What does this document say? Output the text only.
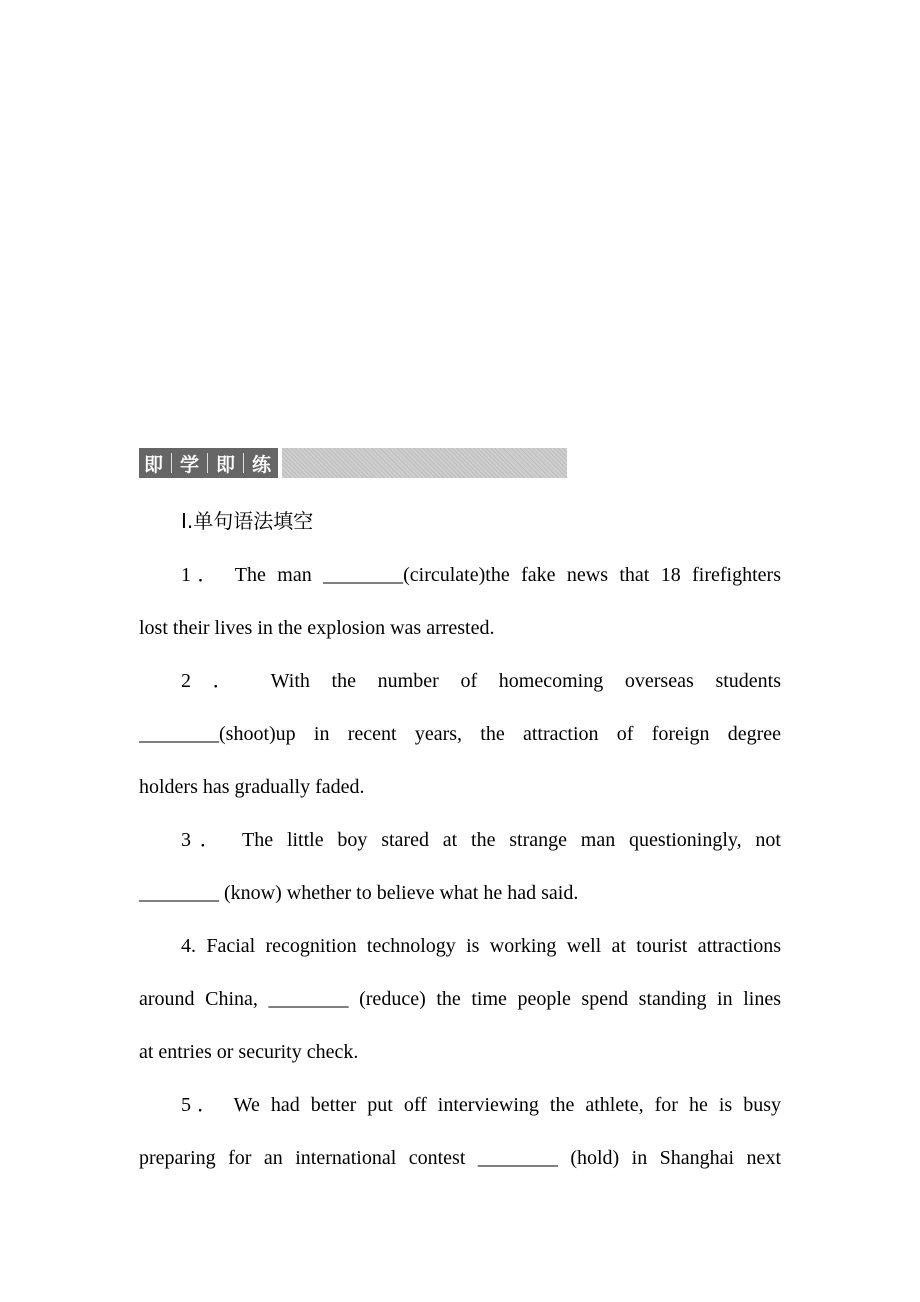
即 学 即 练
Ⅰ.单句语法填空
1． The man ________(circulate)the fake news that 18 firefighters
lost their lives in the explosion was arrested.
2 ． With the number of homecoming overseas students
________(shoot)up in recent years, the attraction of foreign degree
holders has gradually faded.
3． The little boy stared at the strange man questioningly, not
________ (know) whether to believe what he had said.
4. Facial recognition technology is working well at tourist attractions
around China, ________ (reduce) the time people spend standing in lines
at entries or security check.
5． We had better put off interviewing the athlete, for he is busy
preparing for an international contest ________ (hold) in Shanghai next
